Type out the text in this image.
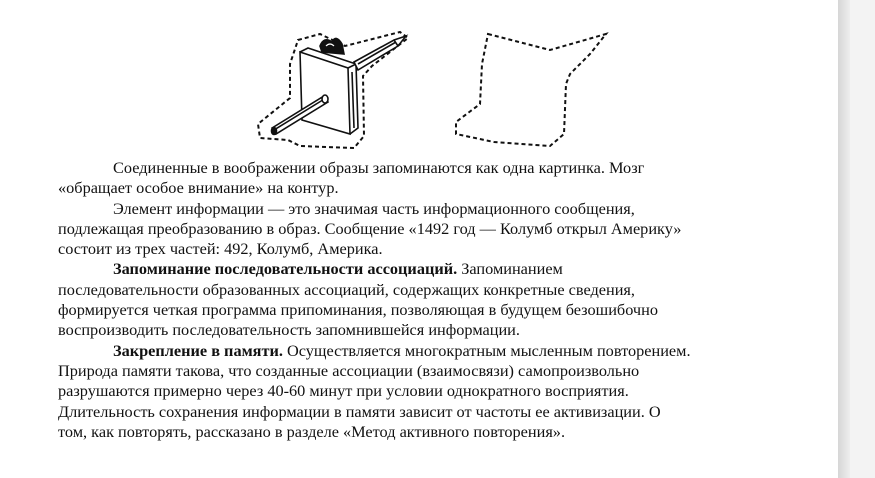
Соединенные в воображении образы запоминаются как одна картинка. Мозг
«обращает особое внимание» на контур.
Элемент информации — это значимая часть информационного сообщения,
подлежащая преобразованию в образ. Сообщение «1492 год — Колумб открыл Америку»
состоит из трех частей: 492, Колумб, Америка.
Запоминание последовательности ассоциаций. Запоминанием
последовательности образованных ассоциаций, содержащих конкретные сведения,
формируется четкая программа припоминания, позволяющая в будущем безошибочно
воспроизводить последовательность запомнившейся информации.
Закрепление в памяти. Осуществляется многократным мысленным повторением.
Природа памяти такова, что созданные ассоциации (взаимосвязи) самопроизвольно
разрушаются примерно через 40-60 минут при условии однократного восприятия.
Длительность сохранения информации в памяти зависит от частоты ее активизации. О
том, как повторять, рассказано в разделе «Метод активного повторения».
